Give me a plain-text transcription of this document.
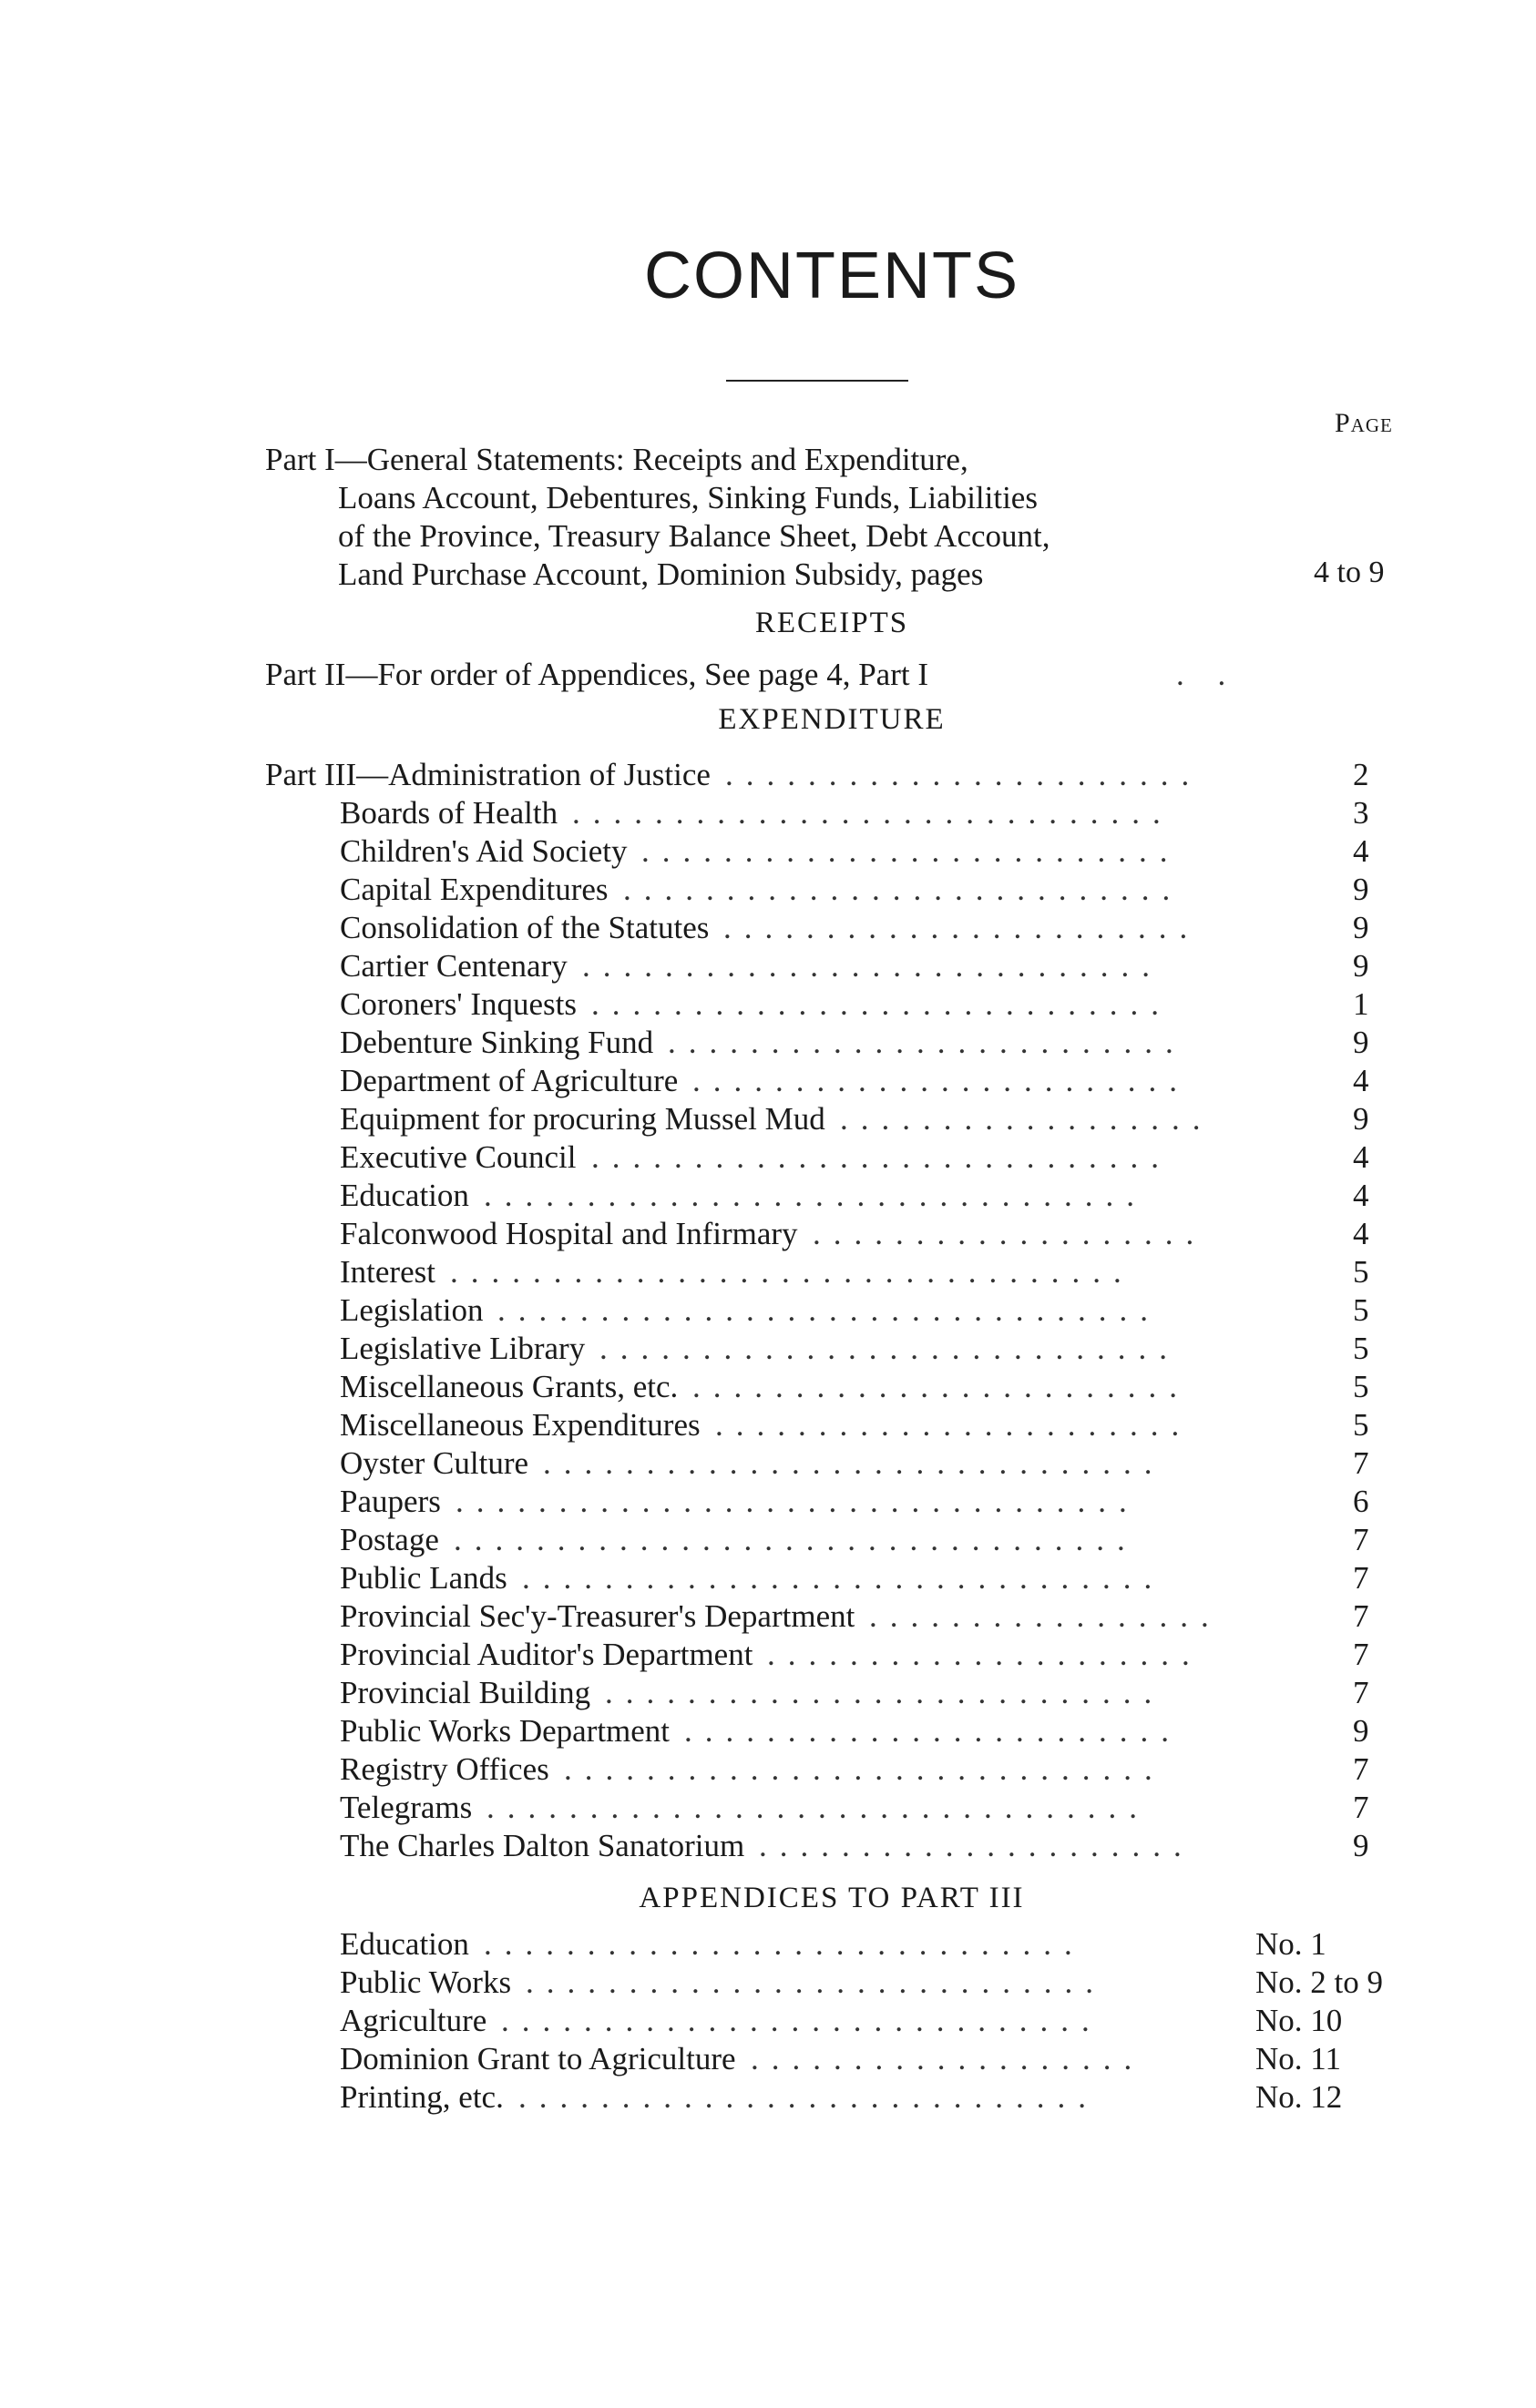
CONTENTS
Page
Part I—General Statements: Receipts and Expenditure,
Loans Account, Debentures, Sinking Funds, Liabilities
of the Province, Treasury Balance Sheet, Debt Account,
Land Purchase Account, Dominion Subsidy, pages	4 to 9
RECEIPTS
Part II—For order of Appendices, See page 4, Part I	. .
EXPENDITURE
Part III—Administration of Justice .......................	2
Boards of Health .............................	3
Children's Aid Society ..........................	4
Capital Expenditures ...........................	9
Consolidation of the Statutes .......................	9
Cartier Centenary ............................	9
Coroners' Inquests ............................	1
Debenture Sinking Fund .........................	9
Department of Agriculture ........................	4
Equipment for procuring Mussel Mud ..................	9
Executive Council ............................	4
Education ................................	4
Falconwood Hospital and Infirmary ...................	4
Interest .................................	5
Legislation ................................	5
Legislative Library ............................	5
Miscellaneous Grants, etc. ........................	5
Miscellaneous Expenditures .......................	5
Oyster Culture ..............................	7
Paupers .................................	6
Postage .................................	7
Public Lands ...............................	7
Provincial Sec'y-Treasurer's Department .................	7
Provincial Auditor's Department .....................	7
Provincial Building ...........................	7
Public Works Department ........................	9
Registry Offices .............................	7
Telegrams ................................	7
The Charles Dalton Sanatorium .....................	9
APPENDICES TO PART III
Education .............................	No. 1
Public Works ............................	No. 2 to 9
Agriculture .............................	No. 10
Dominion Grant to Agriculture ...................	No. 11
Printing, etc. ............................	No. 12
